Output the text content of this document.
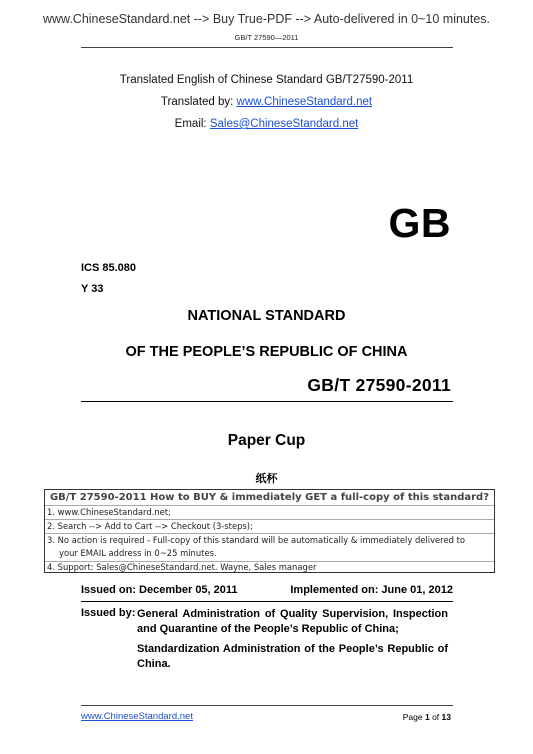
www.ChineseStandard.net --> Buy True-PDF --> Auto-delivered in 0~10 minutes.
GB/T 27590—2011
Translated English of Chinese Standard GB/T27590-2011
Translated by: www.ChineseStandard.net
Email: Sales@ChineseStandard.net
GB
ICS 85.080
Y 33
NATIONAL STANDARD
OF THE PEOPLE’S REPUBLIC OF CHINA
GB/T 27590-2011
Paper Cup
纸杯
GB/T 27590-2011 How to BUY & immediately GET a full-copy of this standard?
1. www.ChineseStandard.net;
2. Search --> Add to Cart --> Checkout (3-steps);
3. No action is required - Full-copy of this standard will be automatically & immediately delivered to
your EMAIL address in 0~25 minutes.
4. Support: Sales@ChineseStandard.net. Wayne, Sales manager
Issued on: December 05, 2011	Implemented on: June 01, 2012
Issued by: General Administration of Quality Supervision, Inspection and Quarantine of the People’s Republic of China;
Standardization Administration of the People’s Republic of China.
www.ChineseStandard.net	Page 1 of 13
